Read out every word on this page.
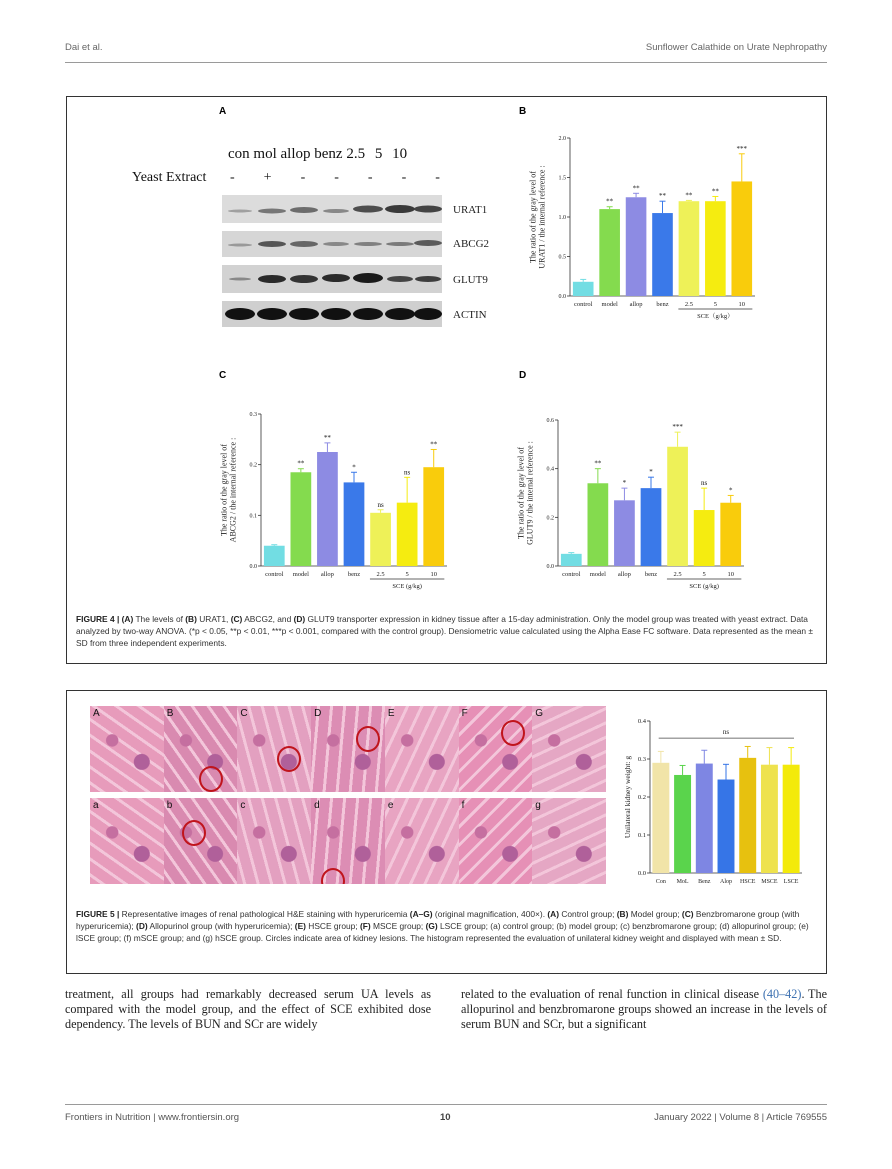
Dai et al.	Sunflower Calathide on Urate Nephropathy
A	B
C	D
con mol allop benz 2.5 5 10
Yeast Extract - + - - - - -
URAT1
ABCG2
GLUT9
ACTIN
0.0
0.5
1.0
1.5
2.0
control
**
model
**
allop
**
benz
**
2.5
**
5
***
10
SCE（g/kg）
The ratio of the gray level ofURAT1 / the internal reference :
0.0
0.1
0.2
0.3
control
**
model
**
allop
*
benz
ns
2.5
ns
5
**
10
SCE (g/kg)
The ratio of the gray level ofABCG2 / the internal reference :
0.0
0.2
0.4
0.6
control
**
model
*
allop
*
benz
***
2.5
ns
5
*
10
SCE (g/kg)
The ratio of the gray level ofGLUT9 / the internal reference :
FIGURE 4 | (A) The levels of (B) URAT1, (C) ABCG2, and (D) GLUT9 transporter expression in kidney tissue after a 15-day administration. Only the model group was treated with yeast extract. Data analyzed by two-way ANOVA. (*p < 0.05, **p < 0.01, ***p < 0.001, compared with the control group). Densiometric value calculated using the Alpha Ease FC software. Data represented as the mean ± SD from three independent experiments.
A	B	C	D	E	F	G
a	b	c	d	e	f	g
0.0
0.1
0.2
0.3
0.4
Con MoL Benz Alop HSCE MSCE LSCE
ns
Unilateral kidney weight: g
FIGURE 5 | Representative images of renal pathological H&E staining with hyperuricemia (A–G) (original magnification, 400×). (A) Control group; (B) Model group; (C) Benzbromarone group (with hyperuricemia); (D) Allopurinol group (with hyperuricemia); (E) HSCE group; (F) MSCE group; (G) LSCE group; (a) control group; (b) model group; (c) benzbromarone group; (d) allopurinol group; (e) lSCE group; (f) mSCE group; and (g) hSCE group. Circles indicate area of kidney lesions. The histogram represented the evaluation of unilateral kidney weight and displayed with mean ± SD.
treatment, all groups had remarkably decreased serum UA levels as compared with the model group, and the effect of SCE exhibited dose dependency. The levels of BUN and SCr are widely
related to the evaluation of renal function in clinical disease (40–42). The allopurinol and benzbromarone groups showed an increase in the levels of serum BUN and SCr, but a significant
Frontiers in Nutrition | www.frontiersin.org	10	January 2022 | Volume 8 | Article 769555
